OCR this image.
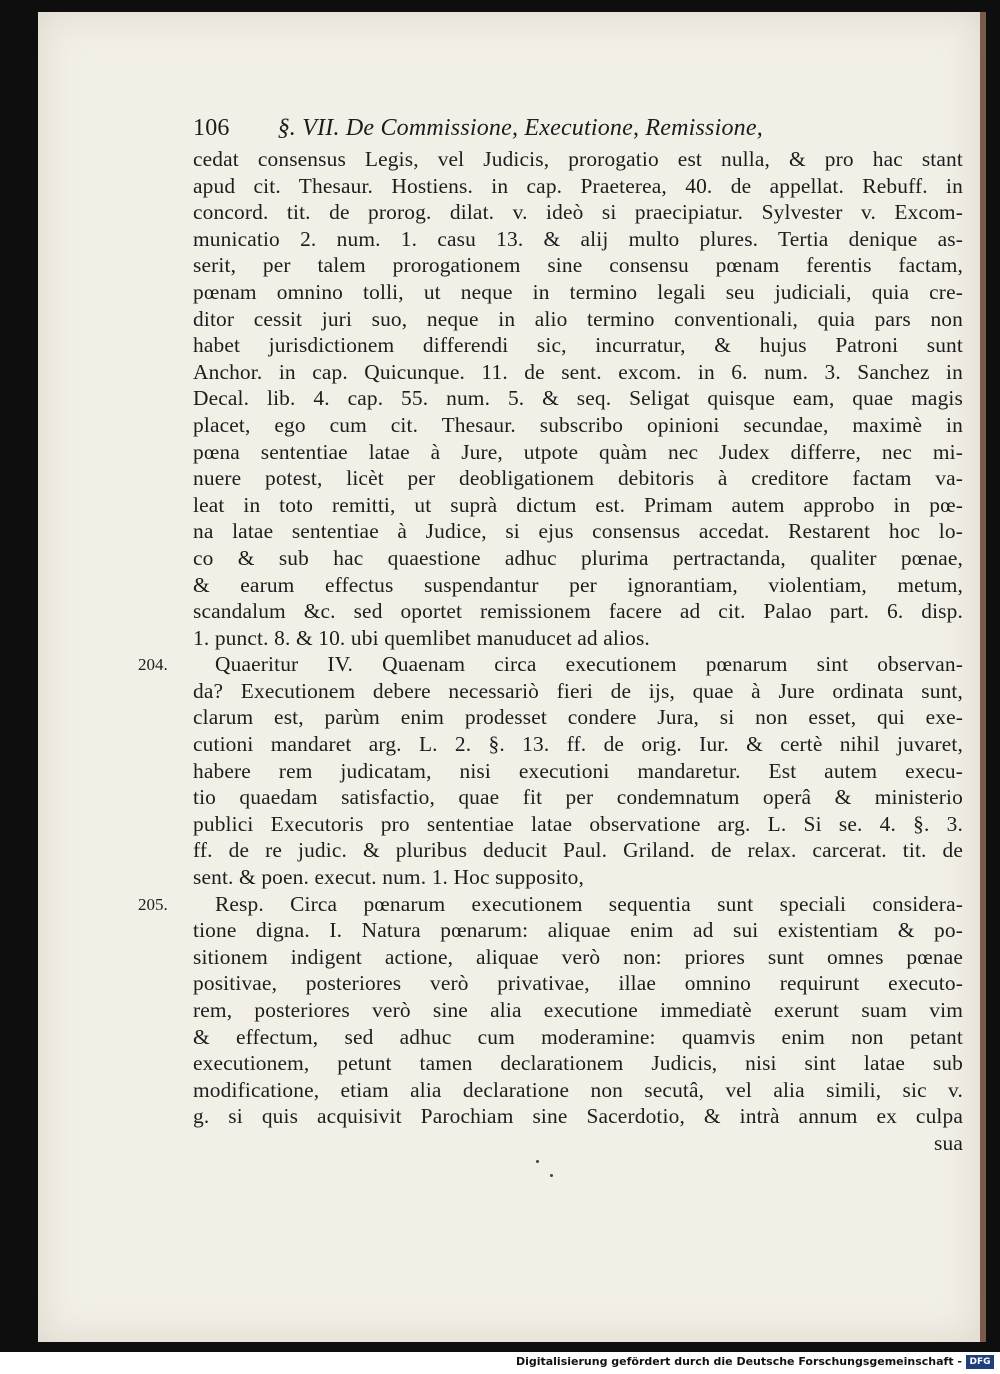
106 §. VII. De Commissione, Executione, Remissione,
cedat consensus Legis, vel Judicis, prorogatio est nulla, & pro hac stant
apud cit. Thesaur. Hostiens. in cap. Praeterea, 40. de appellat. Rebuff. in
concord. tit. de prorog. dilat. v. ideò si praecipiatur. Sylvester v. Excom-
municatio 2. num. 1. casu 13. & alij multo plures. Tertia denique as-
serit, per talem prorogationem sine consensu pœnam ferentis factam,
pœnam omnino tolli, ut neque in termino legali seu judiciali, quia cre-
ditor cessit juri suo, neque in alio termino conventionali, quia pars non
habet jurisdictionem differendi sic, incurratur, & hujus Patroni sunt
Anchor. in cap. Quicunque. 11. de sent. excom. in 6. num. 3. Sanchez in
Decal. lib. 4. cap. 55. num. 5. & seq. Seligat quisque eam, quae magis
placet, ego cum cit. Thesaur. subscribo opinioni secundae, maximè in
pœna sententiae latae à Jure, utpote quàm nec Judex differre, nec mi-
nuere potest, licèt per deobligationem debitoris à creditore factam va-
leat in toto remitti, ut suprà dictum est. Primam autem approbo in pœ-
na latae sententiae à Judice, si ejus consensus accedat. Restarent hoc lo-
co & sub hac quaestione adhuc plurima pertractanda, qualiter pœnae,
& earum effectus suspendantur per ignorantiam, violentiam, metum,
scandalum &c. sed oportet remissionem facere ad cit. Palao part. 6. disp.
1. punct. 8. & 10. ubi quemlibet manuducet ad alios.
204.	Quaeritur IV. Quaenam circa executionem pœnarum sint observan-
da? Executionem debere necessariò fieri de ijs, quae à Jure ordinata sunt,
clarum est, parùm enim prodesset condere Jura, si non esset, qui exe-
cutioni mandaret arg. L. 2. §. 13. ff. de orig. Iur. & certè nihil juvaret,
habere rem judicatam, nisi executioni mandaretur. Est autem execu-
tio quaedam satisfactio, quae fit per condemnatum operâ & ministerio
publici Executoris pro sententiae latae observatione arg. L. Si se. 4. §. 3.
ff. de re judic. & pluribus deducit Paul. Griland. de relax. carcerat. tit. de
sent. & poen. execut. num. 1. Hoc supposito,
205.	Resp. Circa pœnarum executionem sequentia sunt speciali considera-
tione digna. I. Natura pœnarum: aliquae enim ad sui existentiam & po-
sitionem indigent actione, aliquae verò non: priores sunt omnes pœnae
positivae, posteriores verò privativae, illae omnino requirunt executo-
rem, posteriores verò sine alia executione immediatè exerunt suam vim
& effectum, sed adhuc cum moderamine: quamvis enim non petant
executionem, petunt tamen declarationem Judicis, nisi sint latae sub
modificatione, etiam alia declaratione non secutâ, vel alia simili, sic v.
g. si quis acquisivit Parochiam sine Sacerdotio, & intrà annum ex culpa
sua
Digitalisierung gefördert durch die Deutsche Forschungsgemeinschaft - DFG
